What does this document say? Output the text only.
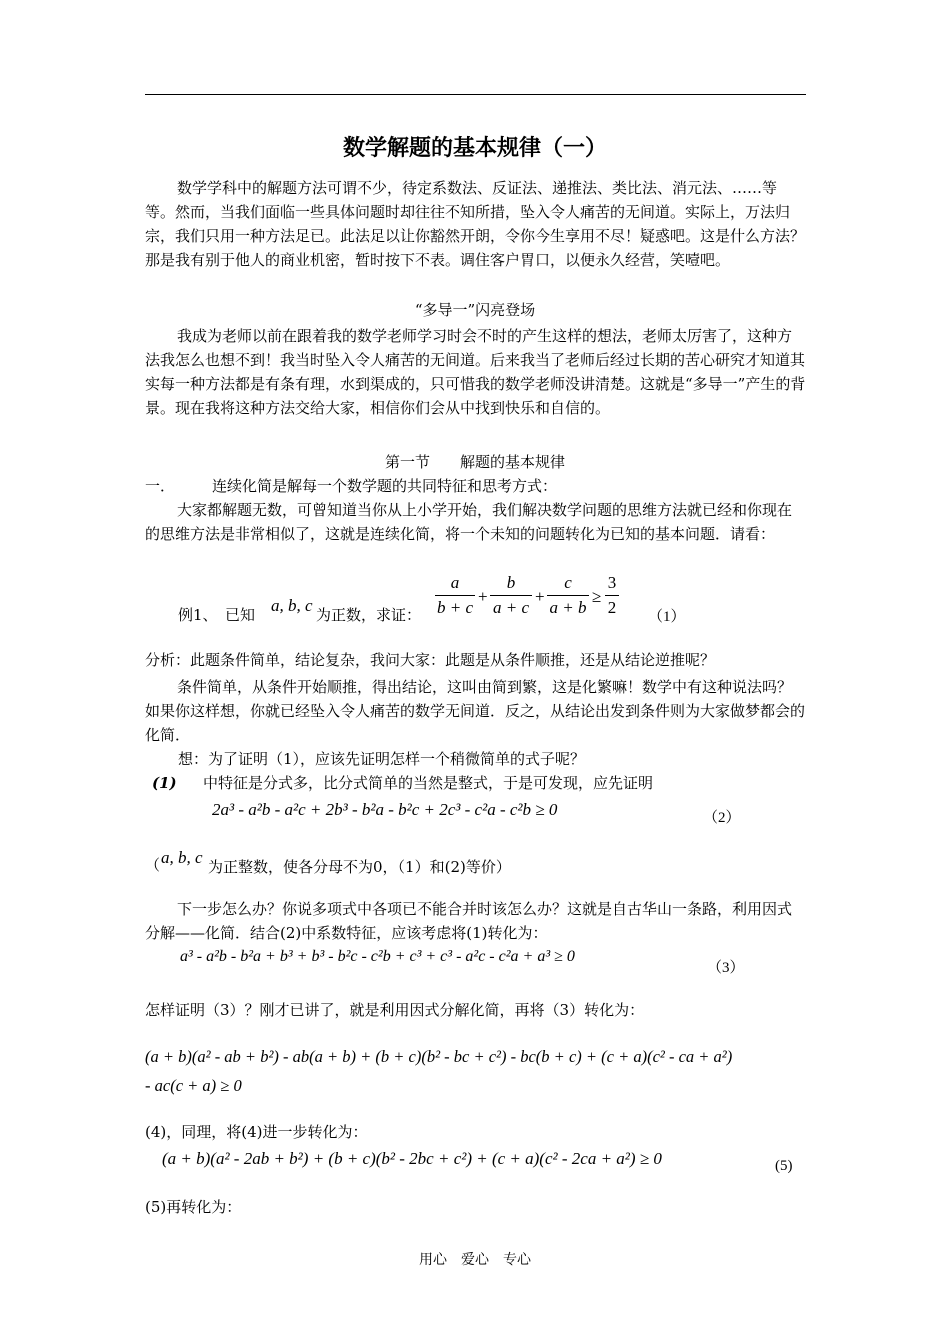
数学解题的基本规律（一）

数学学科中的解题方法可谓不少，待定系数法、反证法、递推法、类比法、消元法、……等等。然而，当我们面临一些具体问题时却往往不知所措，坠入令人痛苦的无间道。实际上，万法归宗，我们只用一种方法足已。此法足以让你豁然开朗，令你今生享用不尽！疑惑吧。这是什么方法？那是我有别于他人的商业机密，暂时按下不表。调住客户胃口，以便永久经营，笑噎吧。

“多导一”闪亮登场

我成为老师以前在跟着我的数学老师学习时会不时的产生这样的想法，老师太厉害了，这种方法我怎么也想不到！我当时坠入令人痛苦的无间道。后来我当了老师后经过长期的苦心研究才知道其实每一种方法都是有条有理，水到渠成的，只可惜我的数学老师没讲清楚。这就是“多导一”产生的背景。现在我将这种方法交给大家，相信你们会从中找到快乐和自信的。

第一节　　解题的基本规律
一． 连续化简是解每一个数学题的共同特征和思考方式：

大家都解题无数，可曾知道当你从上小学开始，我们解决数学问题的思维方法就已经和你现在的思维方法是非常相似了，这就是连续化简，将一个未知的问题转化为已知的基本问题．请看：

例1、　已知 a, b, c 为正数，求证：
a
b + c
+
b
a + c
+
c
a + b
≥
3
2 （1）
分析：此题条件简单，结论复杂，我问大家：此题是从条件顺推，还是从结论逆推呢？

条件简单，从条件开始顺推，得出结论，这叫由简到繁，这是化繁嘛！数学中有这种说法吗？如果你这样想，你就已经坠入令人痛苦的数学无间道．反之，从结论出发到条件则为大家做梦都会的化简．

想：为了证明（1），应该先证明怎样一个稍微简单的式子呢？
(1) 中特征是分式多，比分式简单的当然是整式，于是可发现，应先证明
2a³ - a²b - a²c + 2b³ - b²a - b²c + 2c³ - c²a - c²b ≥ 0	（2）
（ a, b, c 为正整数，使各分母不为0，（1）和(2)等价）

下一步怎么办？你说多项式中各项已不能合并时该怎么办？这就是自古华山一条路，利用因式分解——化简．结合(2)中系数特征，应该考虑将(1)转化为：

a³ - a²b - b²a + b³ + b³ - b²c - c²b + c³ + c³ - a²c - c²a + a³ ≥ 0
（3）
怎样证明（3）？刚才已讲了，就是利用因式分解化简，再将（3）转化为：
(a + b)(a² - ab + b²) - ab(a + b) + (b + c)(b² - bc + c²) - bc(b + c) + (c + a)(c² - ca + a²)
- ac(c + a) ≥ 0
(4)，同理，将(4)进一步转化为：
(a + b)(a² - 2ab + b²) + (b + c)(b² - 2bc + c²) + (c + a)(c² - 2ca + a²) ≥ 0	(5)
(5)再转化为：
用心　爱心　专心
